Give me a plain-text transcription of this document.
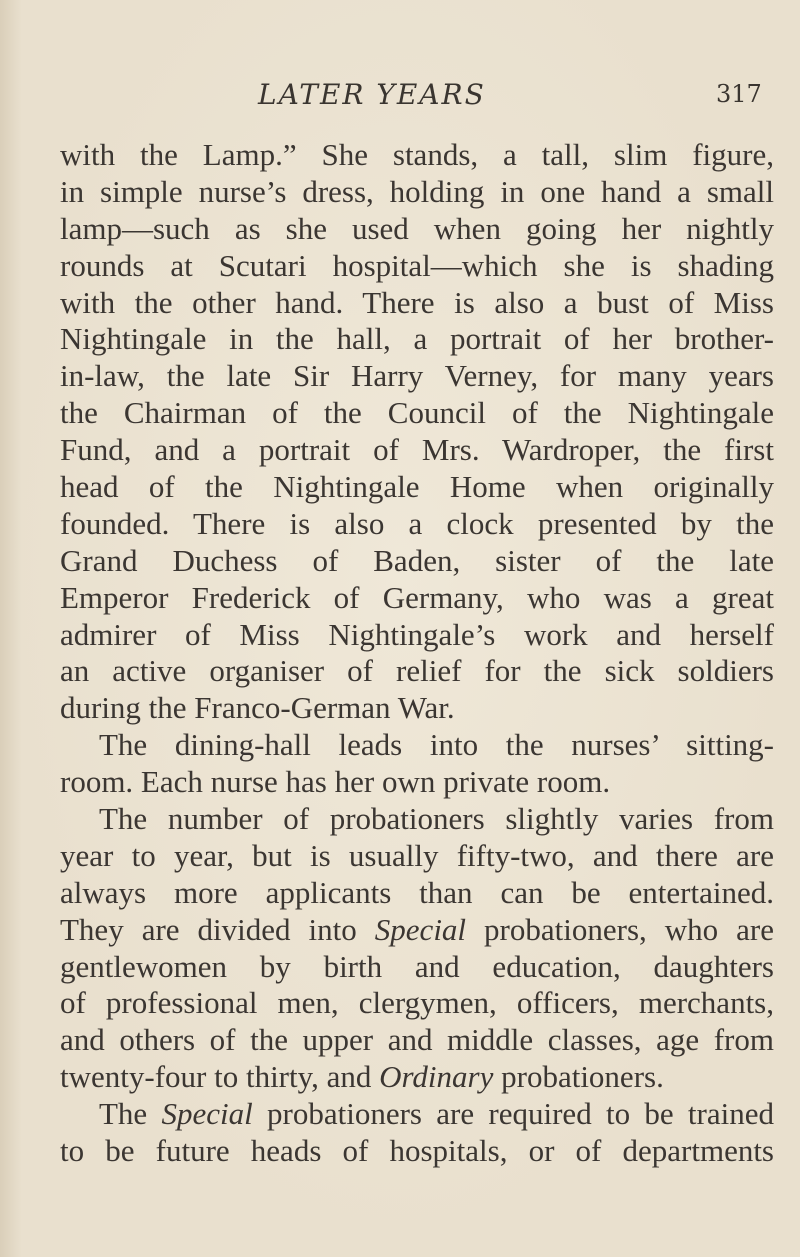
LATER YEARS	317
with the Lamp.” She stands, a tall, slim figure,
in simple nurse’s dress, holding in one hand a small
lamp—such as she used when going her nightly
rounds at Scutari hospital—which she is shading
with the other hand. There is also a bust of Miss
Nightingale in the hall, a portrait of her brother-
in-law, the late Sir Harry Verney, for many years
the Chairman of the Council of the Nightingale
Fund, and a portrait of Mrs. Wardroper, the first
head of the Nightingale Home when originally
founded. There is also a clock presented by the
Grand Duchess of Baden, sister of the late
Emperor Frederick of Germany, who was a great
admirer of Miss Nightingale’s work and herself
an active organiser of relief for the sick soldiers
during the Franco-German War.
The dining-hall leads into the nurses’ sitting-
room. Each nurse has her own private room.
The number of probationers slightly varies from
year to year, but is usually fifty-two, and there are
always more applicants than can be entertained.
They are divided into Special probationers, who are
gentlewomen by birth and education, daughters
of professional men, clergymen, officers, merchants,
and others of the upper and middle classes, age from
twenty-four to thirty, and Ordinary probationers.
The Special probationers are required to be trained
to be future heads of hospitals, or of departments
